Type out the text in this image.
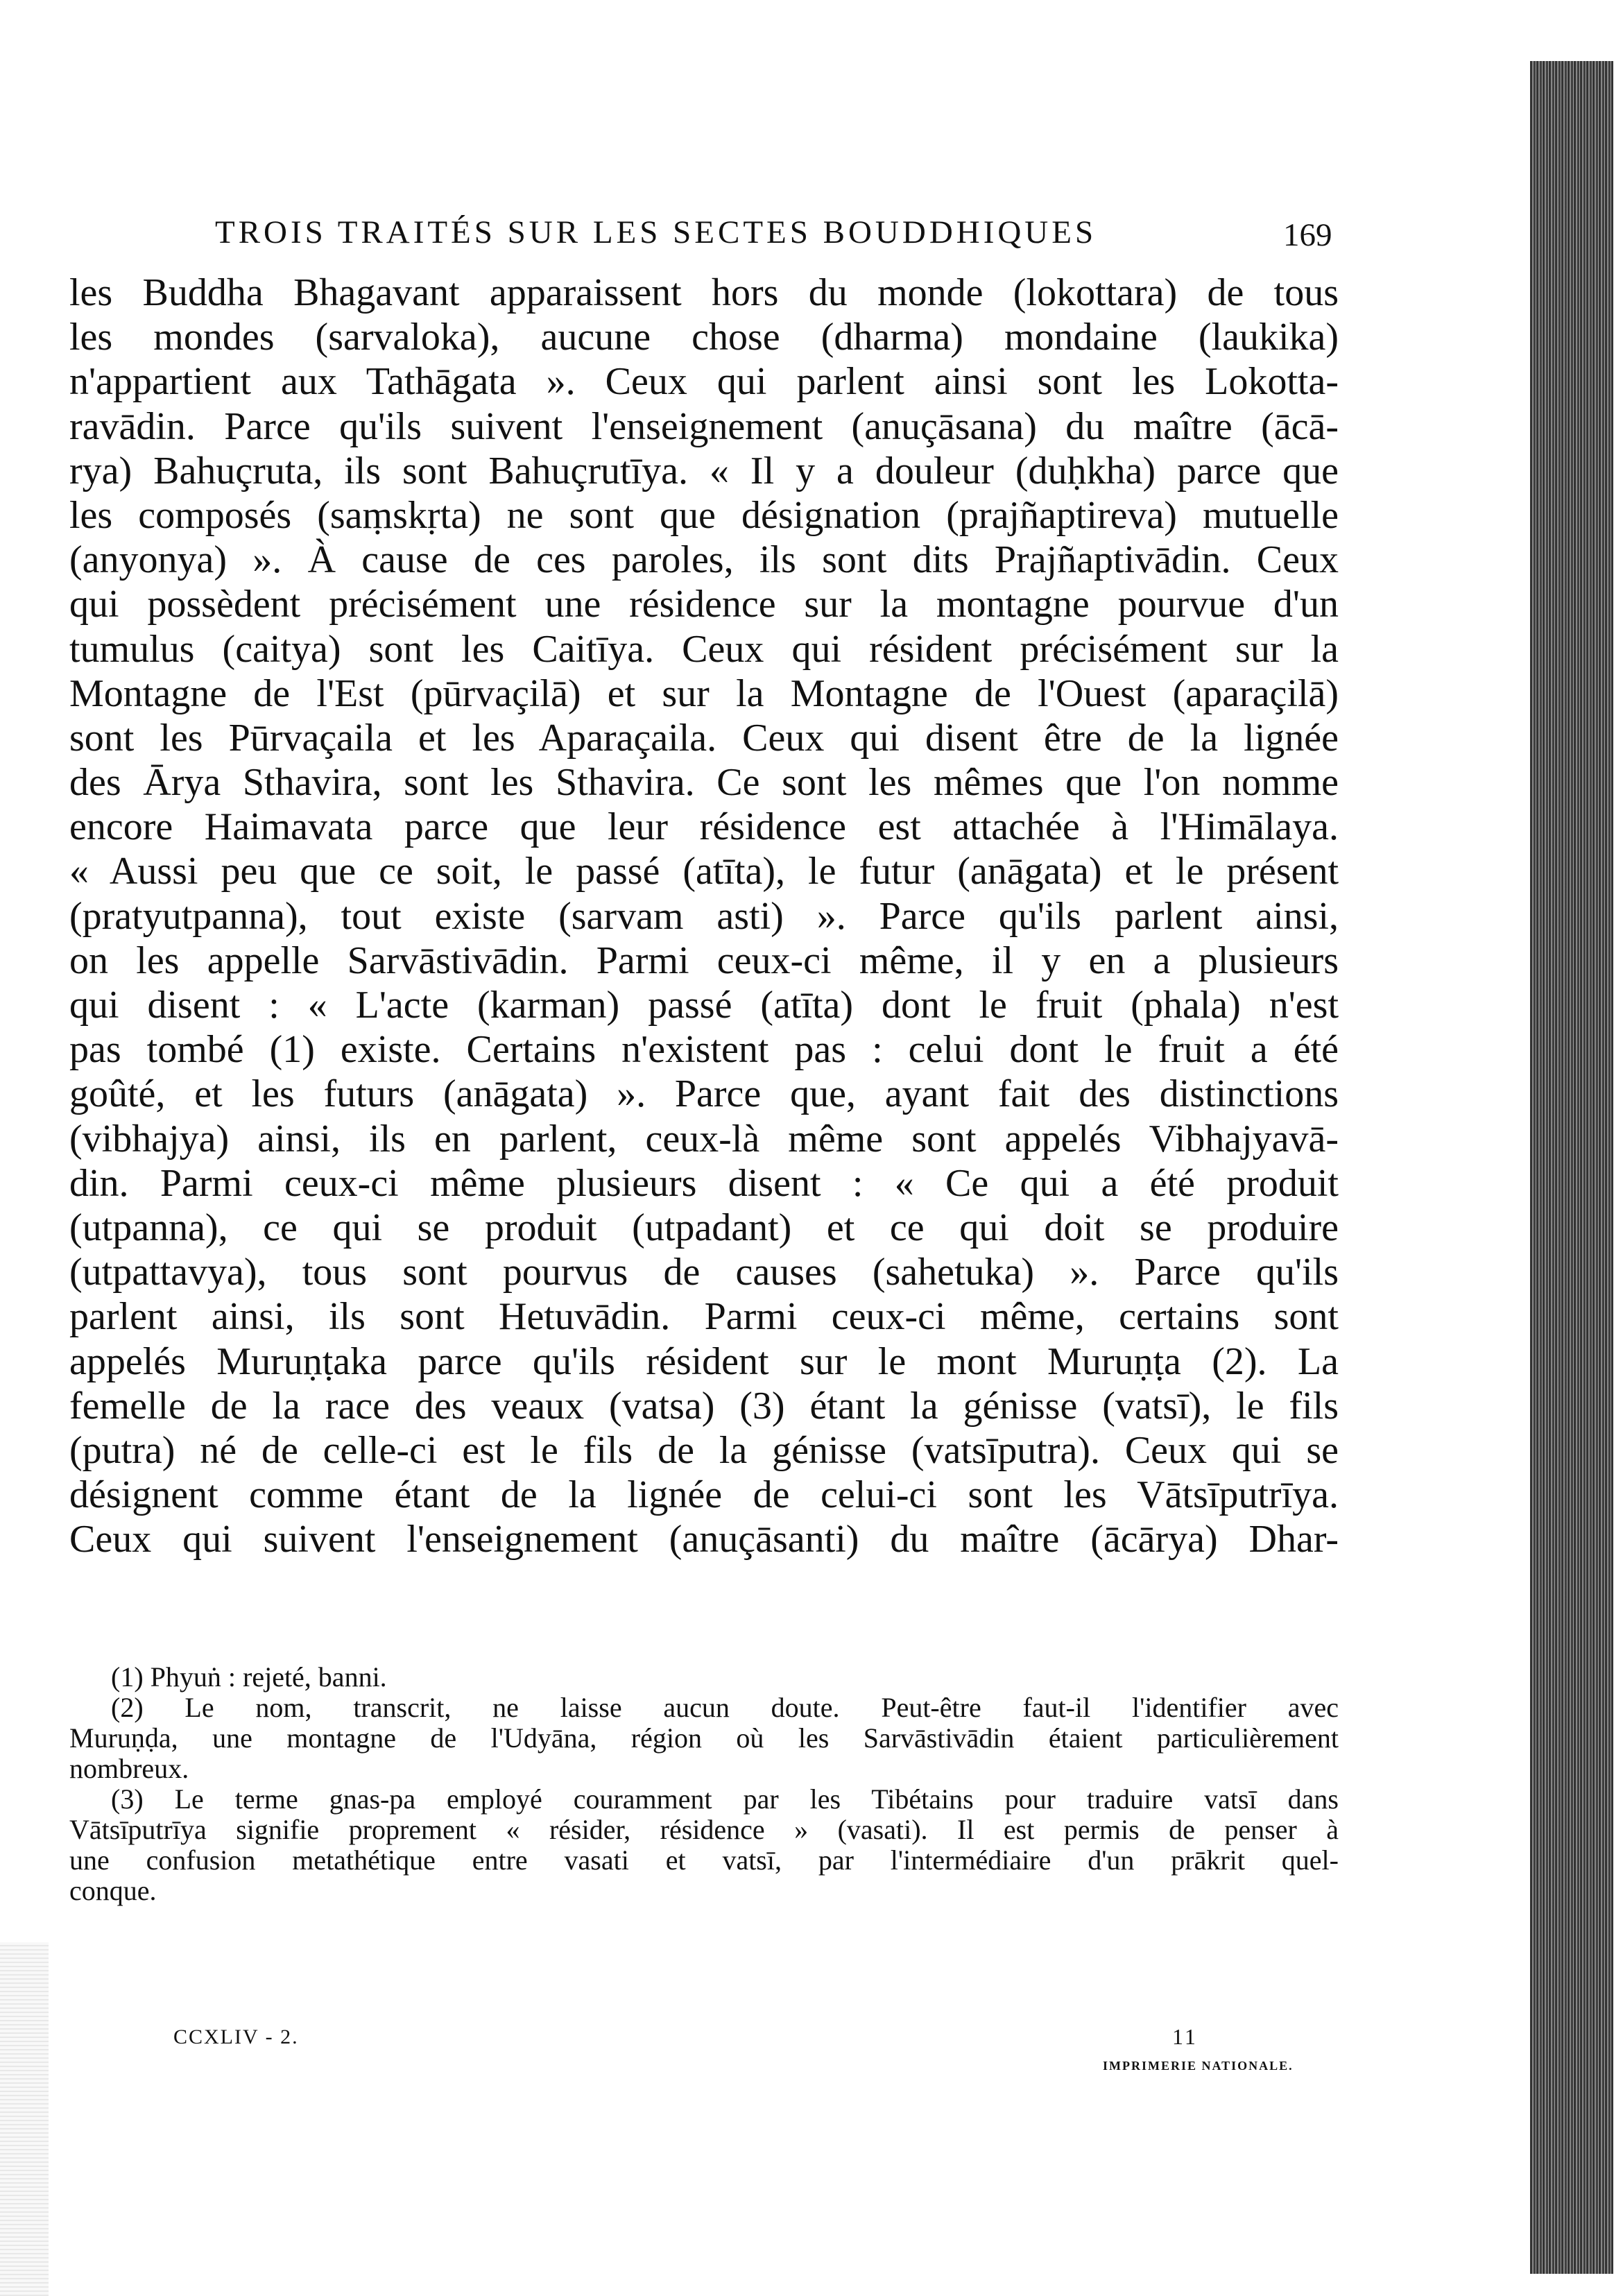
TROIS TRAITÉS SUR LES SECTES BOUDDHIQUES	169
les Buddha Bhagavant apparaissent hors du monde (lokottara) de tous
les mondes (sarvaloka), aucune chose (dharma) mondaine (laukika)
n'appartient aux Tathāgata ». Ceux qui parlent ainsi sont les Lokotta-
ravādin. Parce qu'ils suivent l'enseignement (anuçāsana) du maître (ācā-
rya) Bahuçruta, ils sont Bahuçrutīya. « Il y a douleur (duḥkha) parce que
les composés (saṃskṛta) ne sont que désignation (prajñaptireva) mutuelle
(anyonya) ». À cause de ces paroles, ils sont dits Prajñaptivādin. Ceux
qui possèdent précisément une résidence sur la montagne pourvue d'un
tumulus (caitya) sont les Caitīya. Ceux qui résident précisément sur la
Montagne de l'Est (pūrvaçilā) et sur la Montagne de l'Ouest (aparaçilā)
sont les Pūrvaçaila et les Aparaçaila. Ceux qui disent être de la lignée
des Ārya Sthavira, sont les Sthavira. Ce sont les mêmes que l'on nomme
encore Haimavata parce que leur résidence est attachée à l'Himālaya.
« Aussi peu que ce soit, le passé (atīta), le futur (anāgata) et le présent
(pratyutpanna), tout existe (sarvam asti) ». Parce qu'ils parlent ainsi,
on les appelle Sarvāstivādin. Parmi ceux-ci même, il y en a plusieurs
qui disent : « L'acte (karman) passé (atīta) dont le fruit (phala) n'est
pas tombé (1) existe. Certains n'existent pas : celui dont le fruit a été
goûté, et les futurs (anāgata) ». Parce que, ayant fait des distinctions
(vibhajya) ainsi, ils en parlent, ceux-là même sont appelés Vibhajyavā-
din. Parmi ceux-ci même plusieurs disent : « Ce qui a été produit
(utpanna), ce qui se produit (utpadant) et ce qui doit se produire
(utpattavya), tous sont pourvus de causes (sahetuka) ». Parce qu'ils
parlent ainsi, ils sont Hetuvādin. Parmi ceux-ci même, certains sont
appelés Muruṇṭaka parce qu'ils résident sur le mont Muruṇṭa (2). La
femelle de la race des veaux (vatsa) (3) étant la génisse (vatsī), le fils
(putra) né de celle-ci est le fils de la génisse (vatsīputra). Ceux qui se
désignent comme étant de la lignée de celui-ci sont les Vātsīputrīya.
Ceux qui suivent l'enseignement (anuçāsanti) du maître (ācārya) Dhar-
(1) Phyuṅ : rejeté, banni.
(2) Le nom, transcrit, ne laisse aucun doute. Peut-être faut-il l'identifier avec
Muruṇḍa, une montagne de l'Udyāna, région où les Sarvāstivādin étaient particulièrement
nombreux.
(3) Le terme gnas-pa employé couramment par les Tibétains pour traduire vatsī dans
Vātsīputrīya signifie proprement « résider, résidence » (vasati). Il est permis de penser à
une confusion metathétique entre vasati et vatsī, par l'intermédiaire d'un prākrit quel-
conque.
CCXLIV - 2.	11
IMPRIMERIE NATIONALE.
